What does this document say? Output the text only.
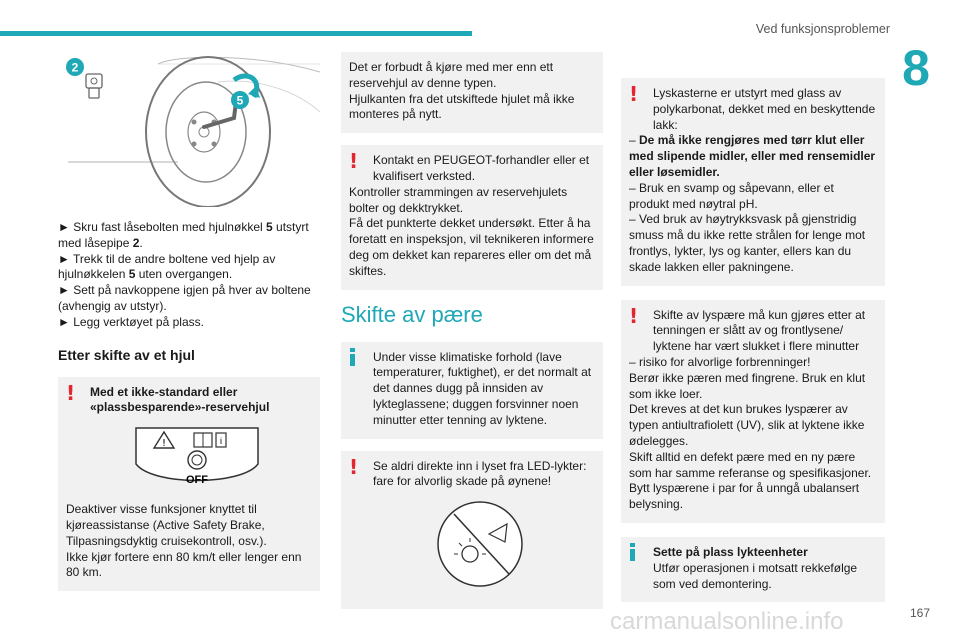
Ved funksjonsproblemer
8
2
5

► Skru fast låsebolten med hjulnøkkel 5 utstyrt med låsepipe 2.

► Trekk til de andre boltene ved hjelp av hjulnøkkelen 5 uten overgangen.

► Sett på navkoppene igjen på hver av boltene (avhengig av utstyr).

► Legg verktøyet på plass.

Etter skifte av et hjul
!	Med et ikke-standard eller «plassbesparende»-reservehjul

!	i
OFF

Deaktiver visse funksjoner knyttet til kjøreassistanse (Active Safety Brake, Tilpasningsdyktig cruisekontroll, osv.).

Ikke kjør fortere enn 80 km/t eller lenger enn 80 km.

Det er forbudt å kjøre med mer enn ett reservehjul av denne typen.

Hjulkanten fra det utskiftede hjulet må ikke monteres på nytt.

!	Kontakt en PEUGEOT-forhandler eller et kvalifisert verksted.

Kontroller strammingen av reservehjulets bolter og dekktrykket.

Få det punkterte dekket undersøkt. Etter å ha foretatt en inspeksjon, vil teknikeren informere deg om dekket kan repareres eller om det må skiftes.

Skifte av pære

Under visse klimatiske forhold (lave temperaturer, fuktighet), er det normalt at det dannes dugg på innsiden av lykteglassene; duggen forsvinner noen minutter etter tenning av lyktene.

!	Se aldri direkte inn i lyset fra LED-lykter: fare for alvorlig skade på øynene!

!	Lyskasterne er utstyrt med glass av polykarbonat, dekket med en beskyttende lakk:

– De må ikke rengjøres med tørr klut eller med slipende midler, eller med rensemidler eller løsemidler.

– Bruk en svamp og såpevann, eller et produkt med nøytral pH.

– Ved bruk av høytrykksvask på gjenstridig smuss må du ikke rette strålen for lenge mot frontlys, lykter, lys og kanter, ellers kan du skade lakken eller pakningene.

!	Skifte av lyspære må kun gjøres etter at tenningen er slått av og frontlysene/ lyktene har vært slukket i flere minutter

– risiko for alvorlige forbrenninger!

Berør ikke pæren med fingrene. Bruk en klut som ikke loer.

Det kreves at det kun brukes lyspærer av typen antiultrafiolett (UV), slik at lyktene ikke ødelegges.

Skift alltid en defekt pære med en ny pære som har samme referanse og spesifikasjoner.

Bytt lyspærene i par for å unngå ubalansert belysning.

Sette på plass lykteenheter

Utfør operasjonen i motsatt rekkefølge som ved demontering.

carmanualsonline.info	167
